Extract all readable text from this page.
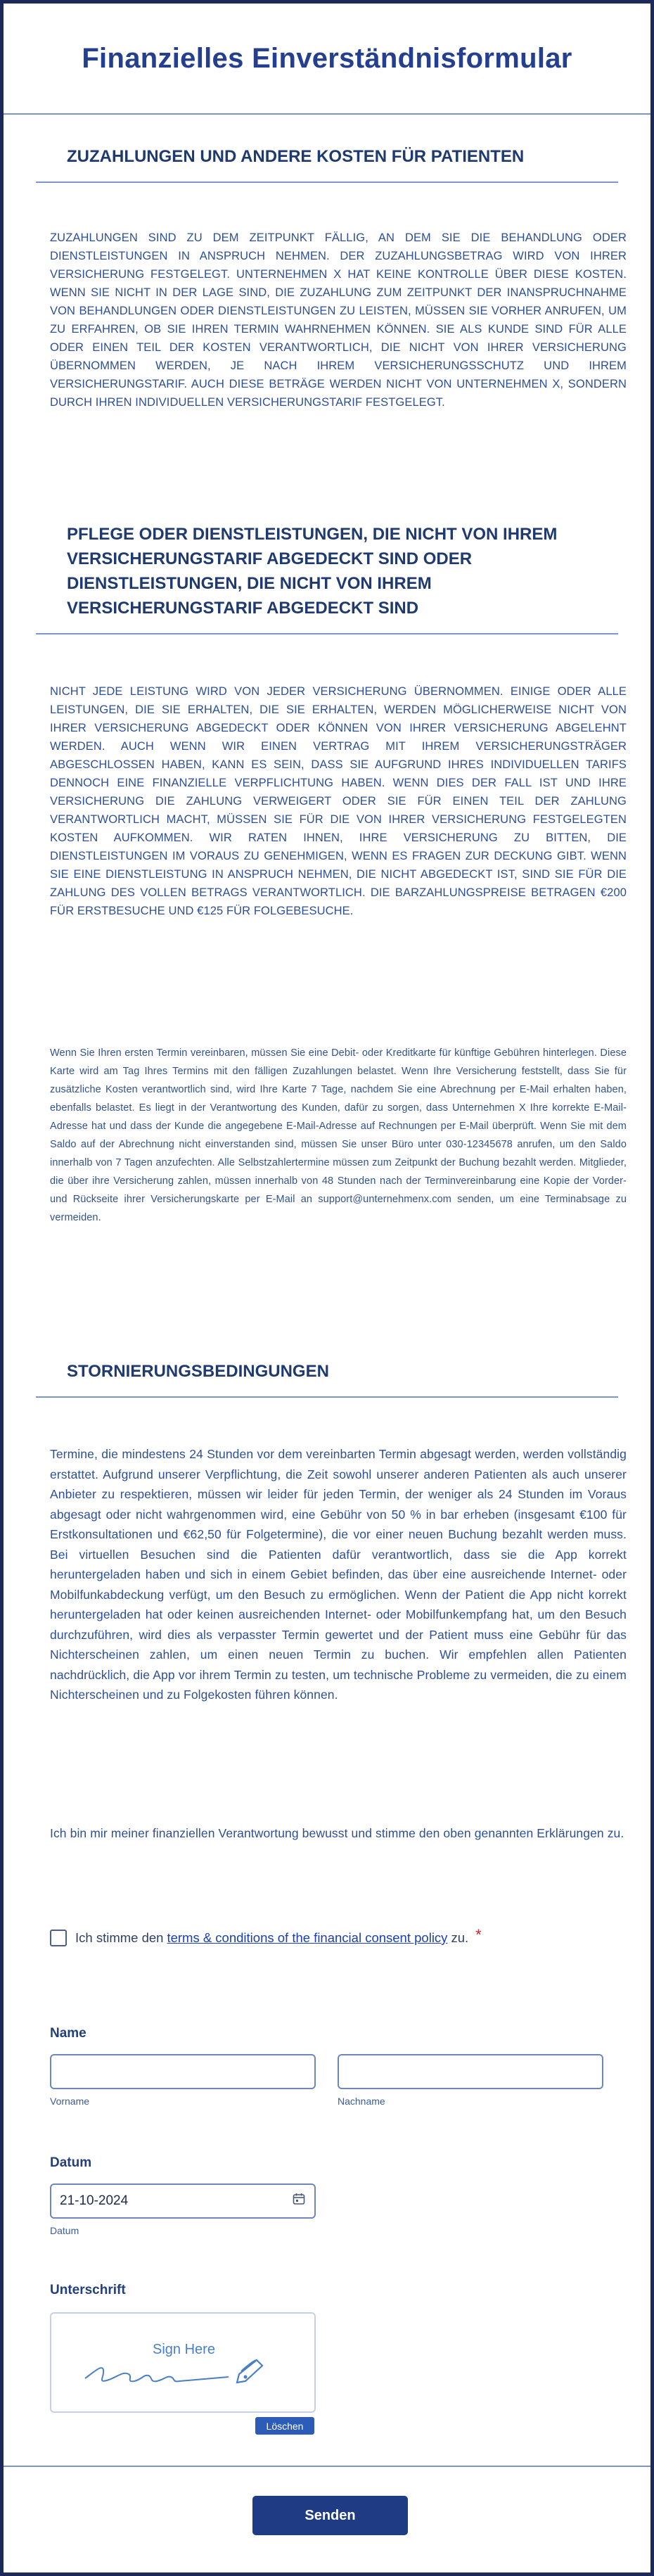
Finanzielles Einverständnisformular
ZUZAHLUNGEN UND ANDERE KOSTEN FÜR PATIENTEN

ZUZAHLUNGEN SIND ZU DEM ZEITPUNKT FÄLLIG, AN DEM SIE DIE BEHANDLUNG ODER DIENSTLEISTUNGEN IN ANSPRUCH NEHMEN. DER ZUZAHLUNGSBETRAG WIRD VON IHRER VERSICHERUNG FESTGELEGT. UNTERNEHMEN X HAT KEINE KONTROLLE ÜBER DIESE KOSTEN. WENN SIE NICHT IN DER LAGE SIND, DIE ZUZAHLUNG ZUM ZEITPUNKT DER INANSPRUCHNAHME VON BEHANDLUNGEN ODER DIENSTLEISTUNGEN ZU LEISTEN, MÜSSEN SIE VORHER ANRUFEN, UM ZU ERFAHREN, OB SIE IHREN TERMIN WAHRNEHMEN KÖNNEN. SIE ALS KUNDE SIND FÜR ALLE ODER EINEN TEIL DER KOSTEN VERANTWORTLICH, DIE NICHT VON IHRER VERSICHERUNG ÜBERNOMMEN WERDEN, JE NACH IHREM VERSICHERUNGSSCHUTZ UND IHREM VERSICHERUNGSTARIF. AUCH DIESE BETRÄGE WERDEN NICHT VON UNTERNEHMEN X, SONDERN DURCH IHREN INDIVIDUELLEN VERSICHERUNGSTARIF FESTGELEGT.

PFLEGE ODER DIENSTLEISTUNGEN, DIE NICHT VON IHREM VERSICHERUNGSTARIF ABGEDECKT SIND ODER DIENSTLEISTUNGEN, DIE NICHT VON IHREM VERSICHERUNGSTARIF ABGEDECKT SIND

NICHT JEDE LEISTUNG WIRD VON JEDER VERSICHERUNG ÜBERNOMMEN. EINIGE ODER ALLE LEISTUNGEN, DIE SIE ERHALTEN, DIE SIE ERHALTEN, WERDEN MÖGLICHERWEISE NICHT VON IHRER VERSICHERUNG ABGEDECKT ODER KÖNNEN VON IHRER VERSICHERUNG ABGELEHNT WERDEN. AUCH WENN WIR EINEN VERTRAG MIT IHREM VERSICHERUNGSTRÄGER ABGESCHLOSSEN HABEN, KANN ES SEIN, DASS SIE AUFGRUND IHRES INDIVIDUELLEN TARIFS DENNOCH EINE FINANZIELLE VERPFLICHTUNG HABEN. WENN DIES DER FALL IST UND IHRE VERSICHERUNG DIE ZAHLUNG VERWEIGERT ODER SIE FÜR EINEN TEIL DER ZAHLUNG VERANTWORTLICH MACHT, MÜSSEN SIE FÜR DIE VON IHRER VERSICHERUNG FESTGELEGTEN KOSTEN AUFKOMMEN. WIR RATEN IHNEN, IHRE VERSICHERUNG ZU BITTEN, DIE DIENSTLEISTUNGEN IM VORAUS ZU GENEHMIGEN, WENN ES FRAGEN ZUR DECKUNG GIBT. WENN SIE EINE DIENSTLEISTUNG IN ANSPRUCH NEHMEN, DIE NICHT ABGEDECKT IST, SIND SIE FÜR DIE ZAHLUNG DES VOLLEN BETRAGS VERANTWORTLICH. DIE BARZAHLUNGSPREISE BETRAGEN €200 FÜR ERSTBESUCHE UND €125 FÜR FOLGEBESUCHE.

Wenn Sie Ihren ersten Termin vereinbaren, müssen Sie eine Debit- oder Kreditkarte für künftige Gebühren hinterlegen. Diese Karte wird am Tag Ihres Termins mit den fälligen Zuzahlungen belastet. Wenn Ihre Versicherung feststellt, dass Sie für zusätzliche Kosten verantwortlich sind, wird Ihre Karte 7 Tage, nachdem Sie eine Abrechnung per E-Mail erhalten haben, ebenfalls belastet. Es liegt in der Verantwortung des Kunden, dafür zu sorgen, dass Unternehmen X Ihre korrekte E-Mail-Adresse hat und dass der Kunde die angegebene E-Mail-Adresse auf Rechnungen per E-Mail überprüft. Wenn Sie mit dem Saldo auf der Abrechnung nicht einverstanden sind, müssen Sie unser Büro unter 030-12345678 anrufen, um den Saldo innerhalb von 7 Tagen anzufechten. Alle Selbstzahlertermine müssen zum Zeitpunkt der Buchung bezahlt werden. Mitglieder, die über ihre Versicherung zahlen, müssen innerhalb von 48 Stunden nach der Terminvereinbarung eine Kopie der Vorder- und Rückseite ihrer Versicherungskarte per E-Mail an support@unternehmenx.com senden, um eine Terminabsage zu vermeiden.

STORNIERUNGSBEDINGUNGEN

Termine, die mindestens 24 Stunden vor dem vereinbarten Termin abgesagt werden, werden vollständig erstattet. Aufgrund unserer Verpflichtung, die Zeit sowohl unserer anderen Patienten als auch unserer Anbieter zu respektieren, müssen wir leider für jeden Termin, der weniger als 24 Stunden im Voraus abgesagt oder nicht wahrgenommen wird, eine Gebühr von 50 % in bar erheben (insgesamt €100 für Erstkonsultationen und €62,50 für Folgetermine), die vor einer neuen Buchung bezahlt werden muss. Bei virtuellen Besuchen sind die Patienten dafür verantwortlich, dass sie die App korrekt heruntergeladen haben und sich in einem Gebiet befinden, das über eine ausreichende Internet- oder Mobilfunkabdeckung verfügt, um den Besuch zu ermöglichen. Wenn der Patient die App nicht korrekt heruntergeladen hat oder keinen ausreichenden Internet- oder Mobilfunkempfang hat, um den Besuch durchzuführen, wird dies als verpasster Termin gewertet und der Patient muss eine Gebühr für das Nichterscheinen zahlen, um einen neuen Termin zu buchen. Wir empfehlen allen Patienten nachdrücklich, die App vor ihrem Termin zu testen, um technische Probleme zu vermeiden, die zu einem Nichterscheinen und zu Folgekosten führen können.

Ich bin mir meiner finanziellen Verantwortung bewusst und stimme den oben genannten Erklärungen zu.

Ich stimme den terms & conditions of the financial consent policy zu. *
Name
Vorname	Nachname
Datum
21-10-2024
Datum
Unterschrift
Sign Here
Löschen
Senden
